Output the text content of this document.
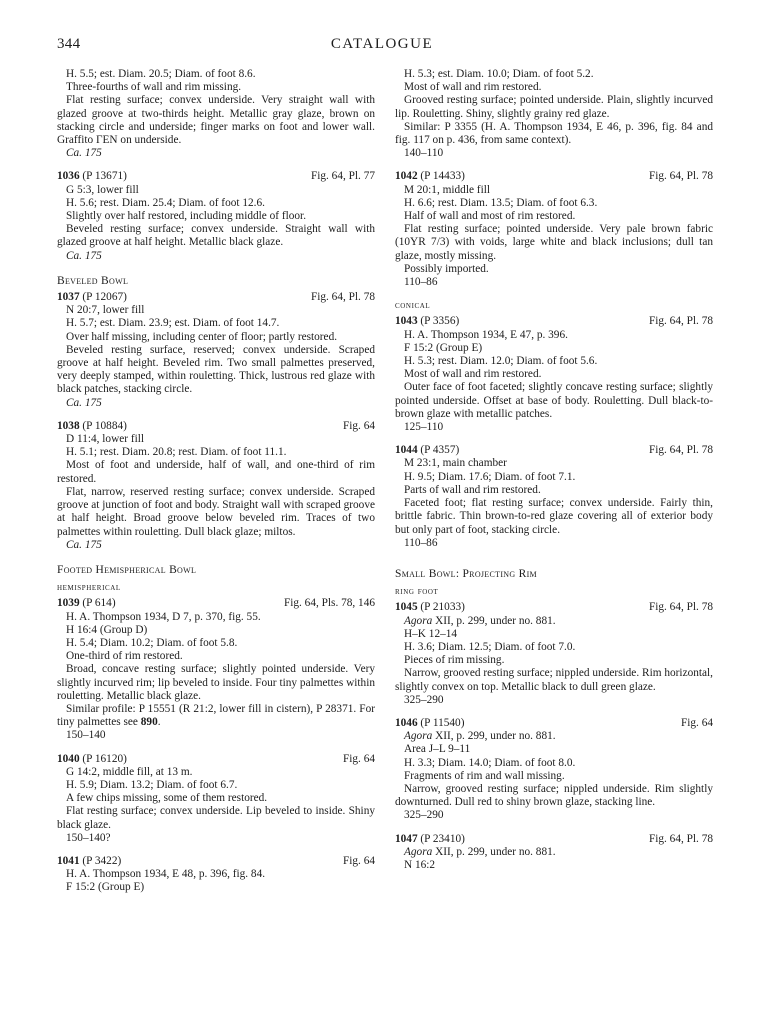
344	CATALOGUE
H. 5.5; est. Diam. 20.5; Diam. of foot 8.6.
Three-fourths of wall and rim missing.
Flat resting surface; convex underside. Very straight wall with glazed groove at two-thirds height. Metallic gray glaze, brown on stacking circle and underside; finger marks on foot and lower wall. Graffito ΓEN on underside.
Ca. 175
1036 (P 13671)	Fig. 64, Pl. 77
G 5:3, lower fill
H. 5.6; rest. Diam. 25.4; Diam. of foot 12.6.
Slightly over half restored, including middle of floor.
Beveled resting surface; convex underside. Straight wall with glazed groove at half height. Metallic black glaze.
Ca. 175
Beveled Bowl
1037 (P 12067)	Fig. 64, Pl. 78
N 20:7, lower fill
H. 5.7; est. Diam. 23.9; est. Diam. of foot 14.7.
Over half missing, including center of floor; partly restored.
Beveled resting surface, reserved; convex underside. Scraped groove at half height. Beveled rim. Two small palmettes preserved, very deeply stamped, within rouletting. Thick, lustrous red glaze with black patches, stacking circle.
Ca. 175
1038 (P 10884)	Fig. 64
D 11:4, lower fill
H. 5.1; rest. Diam. 20.8; rest. Diam. of foot 11.1.
Most of foot and underside, half of wall, and one-third of rim restored.
Flat, narrow, reserved resting surface; convex underside. Scraped groove at junction of foot and body. Straight wall with scraped groove at half height. Broad groove below beveled rim. Traces of two palmettes within rouletting. Dull black glaze; miltos.
Ca. 175
Footed Hemispherical Bowl
hemispherical
1039 (P 614)	Fig. 64, Pls. 78, 146
H. A. Thompson 1934, D 7, p. 370, fig. 55.
H 16:4 (Group D)
H. 5.4; Diam. 10.2; Diam. of foot 5.8.
One-third of rim restored.
Broad, concave resting surface; slightly pointed underside. Very slightly incurved rim; lip beveled to inside. Four tiny palmettes within rouletting. Metallic black glaze.
Similar profile: P 15551 (R 21:2, lower fill in cistern), P 28371. For tiny palmettes see 890.
150–140
1040 (P 16120)	Fig. 64
G 14:2, middle fill, at 13 m.
H. 5.9; Diam. 13.2; Diam. of foot 6.7.
A few chips missing, some of them restored.
Flat resting surface; convex underside. Lip beveled to inside. Shiny black glaze.
150–140?
1041 (P 3422)	Fig. 64
H. A. Thompson 1934, E 48, p. 396, fig. 84.
F 15:2 (Group E)
H. 5.3; est. Diam. 10.0; Diam. of foot 5.2.
Most of wall and rim restored.
Grooved resting surface; pointed underside. Plain, slightly incurved lip. Rouletting. Shiny, slightly grainy red glaze.
Similar: P 3355 (H. A. Thompson 1934, E 46, p. 396, fig. 84 and fig. 117 on p. 436, from same context).
140–110
1042 (P 14433)	Fig. 64, Pl. 78
M 20:1, middle fill
H. 6.6; rest. Diam. 13.5; Diam. of foot 6.3.
Half of wall and most of rim restored.
Flat resting surface; pointed underside. Very pale brown fabric (10YR 7/3) with voids, large white and black inclusions; dull tan glaze, mostly missing.
Possibly imported.
110–86
conical
1043 (P 3356)	Fig. 64, Pl. 78
H. A. Thompson 1934, E 47, p. 396.
F 15:2 (Group E)
H. 5.3; rest. Diam. 12.0; Diam. of foot 5.6.
Most of wall and rim restored.
Outer face of foot faceted; slightly concave resting surface; slightly pointed underside. Offset at base of body. Rouletting. Dull black-to-brown glaze with metallic patches.
125–110
1044 (P 4357)	Fig. 64, Pl. 78
M 23:1, main chamber
H. 9.5; Diam. 17.6; Diam. of foot 7.1.
Parts of wall and rim restored.
Faceted foot; flat resting surface; convex underside. Fairly thin, brittle fabric. Thin brown-to-red glaze covering all of exterior body but only part of foot, stacking circle.
110–86
Small Bowl: Projecting Rim
ring foot
1045 (P 21033)	Fig. 64, Pl. 78
Agora XII, p. 299, under no. 881.
H–K 12–14
H. 3.6; Diam. 12.5; Diam. of foot 7.0.
Pieces of rim missing.
Narrow, grooved resting surface; nippled underside. Rim horizontal, slightly convex on top. Metallic black to dull green glaze.
325–290
1046 (P 11540)	Fig. 64
Agora XII, p. 299, under no. 881.
Area J–L 9–11
H. 3.3; Diam. 14.0; Diam. of foot 8.0.
Fragments of rim and wall missing.
Narrow, grooved resting surface; nippled underside. Rim slightly downturned. Dull red to shiny brown glaze, stacking line.
325–290
1047 (P 23410)	Fig. 64, Pl. 78
Agora XII, p. 299, under no. 881.
N 16:2
